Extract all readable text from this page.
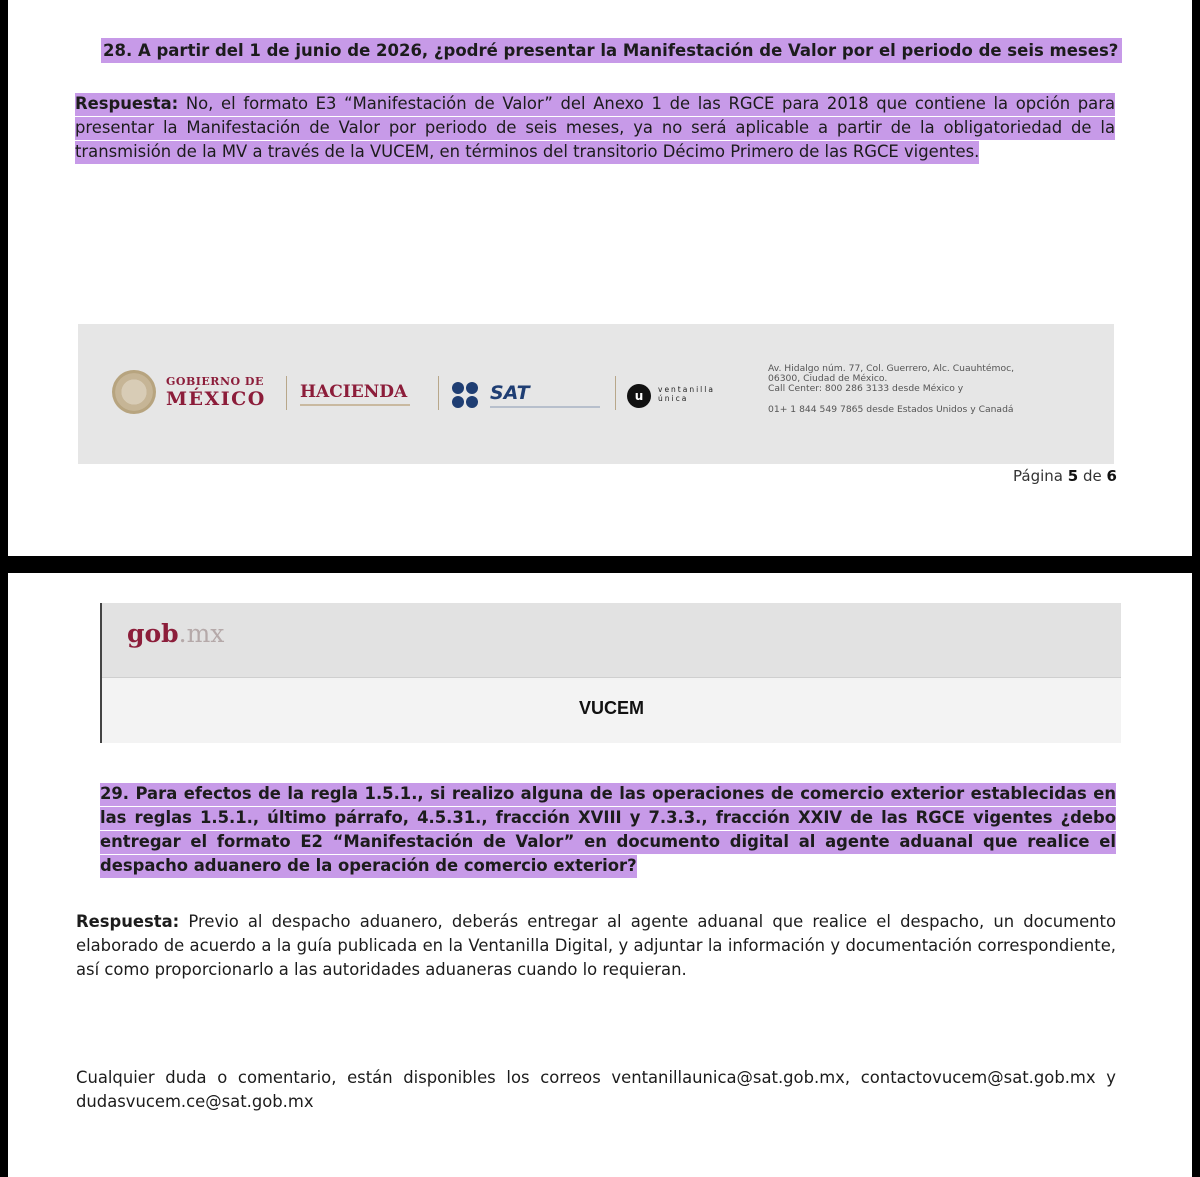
28. A partir del 1 de junio de 2026, ¿podré presentar la Manifestación de Valor por el periodo de seis meses?
Respuesta: No, el formato E3 “Manifestación de Valor” del Anexo 1 de las RGCE para 2018 que contiene la opción para presentar la Manifestación de Valor por periodo de seis meses, ya no será aplicable a partir de la obligatoriedad de la transmisión de la MV a través de la VUCEM, en términos del transitorio Décimo Primero de las RGCE vigentes.
GOBIERNO DE
MÉXICO HACIENDA	SAT	u	ventanilla
única
Av. Hidalgo núm. 77, Col. Guerrero, Alc. Cuauhtémoc,
06300, Ciudad de México.
Call Center: 800 286 3133 desde México y
01+ 1 844 549 7865 desde Estados Unidos y Canadá
Página 5 de 6
gob.mx
VUCEM
29. Para efectos de la regla 1.5.1., si realizo alguna de las operaciones de comercio exterior establecidas en las reglas 1.5.1., último párrafo, 4.5.31., fracción XVIII y 7.3.3., fracción XXIV de las RGCE vigentes ¿debo entregar el formato E2 “Manifestación de Valor” en documento digital al agente aduanal que realice el despacho aduanero de la operación de comercio exterior?
Respuesta: Previo al despacho aduanero, deberás entregar al agente aduanal que realice el despacho, un documento elaborado de acuerdo a la guía publicada en la Ventanilla Digital, y adjuntar la información y documentación correspondiente, así como proporcionarlo a las autoridades aduaneras cuando lo requieran.
Cualquier duda o comentario, están disponibles los correos ventanillaunica@sat.gob.mx, contactovucem@sat.gob.mx y dudasvucem.ce@sat.gob.mx
